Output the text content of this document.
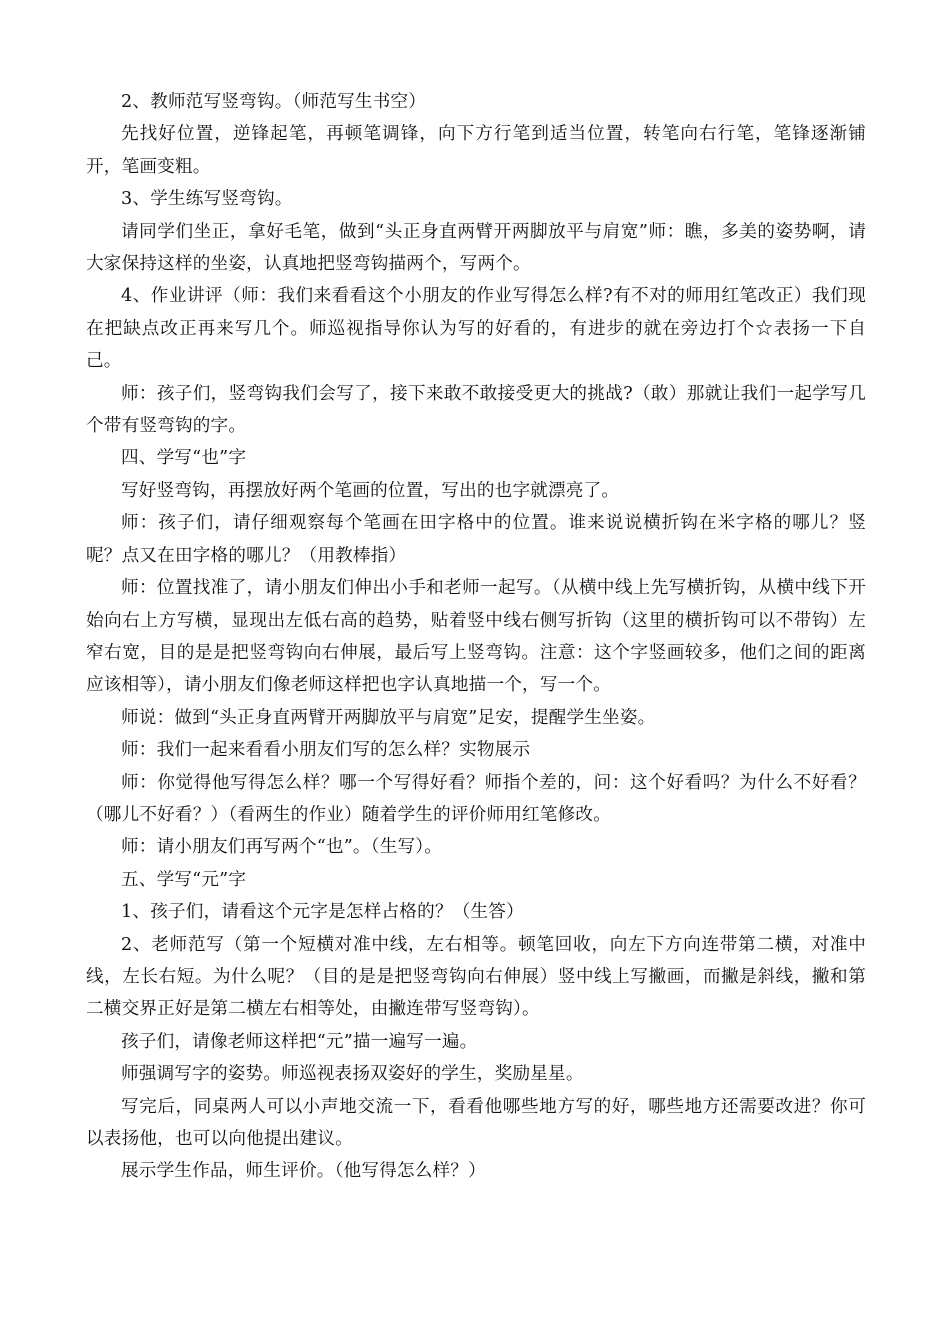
2、教师范写竖弯钩。（师范写生书空）

先找好位置，逆锋起笔，再顿笔调锋，向下方行笔到适当位置，转笔向右行笔，笔锋逐渐铺开，笔画变粗。

3、学生练写竖弯钩。

请同学们坐正，拿好毛笔，做到“头正身直两臂开两脚放平与肩宽”师：瞧，多美的姿势啊，请大家保持这样的坐姿，认真地把竖弯钩描两个，写两个。

4、作业讲评（师：我们来看看这个小朋友的作业写得怎么样?有不对的师用红笔改正）我们现在把缺点改正再来写几个。师巡视指导你认为写的好看的，有进步的就在旁边打个☆表扬一下自己。

师：孩子们，竖弯钩我们会写了，接下来敢不敢接受更大的挑战?（敢）那就让我们一起学写几个带有竖弯钩的字。

四、学写“也”字

写好竖弯钩，再摆放好两个笔画的位置，写出的也字就漂亮了。

师：孩子们，请仔细观察每个笔画在田字格中的位置。谁来说说横折钩在米字格的哪儿？竖呢？点又在田字格的哪儿？（用教棒指）

师：位置找准了，请小朋友们伸出小手和老师一起写。（从横中线上先写横折钩，从横中线下开始向右上方写横，显现出左低右高的趋势，贴着竖中线右侧写折钩（这里的横折钩可以不带钩）左窄右宽，目的是是把竖弯钩向右伸展，最后写上竖弯钩。注意：这个字竖画较多，他们之间的距离应该相等），请小朋友们像老师这样把也字认真地描一个，写一个。

师说：做到“头正身直两臂开两脚放平与肩宽”足安，提醒学生坐姿。

师：我们一起来看看小朋友们写的怎么样？实物展示

师：你觉得他写得怎么样？哪一个写得好看？师指个差的，问：这个好看吗？为什么不好看？（哪儿不好看？）（看两生的作业）随着学生的评价师用红笔修改。

师：请小朋友们再写两个“也”。（生写）。

五、学写“元”字

1、孩子们，请看这个元字是怎样占格的？（生答）

2、老师范写（第一个短横对准中线，左右相等。顿笔回收，向左下方向连带第二横，对准中线，左长右短。为什么呢？（目的是是把竖弯钩向右伸展）竖中线上写撇画，而撇是斜线，撇和第二横交界正好是第二横左右相等处，由撇连带写竖弯钩）。

孩子们，请像老师这样把“元”描一遍写一遍。

师强调写字的姿势。师巡视表扬双姿好的学生，奖励星星。

写完后，同桌两人可以小声地交流一下，看看他哪些地方写的好，哪些地方还需要改进？你可以表扬他，也可以向他提出建议。

展示学生作品，师生评价。（他写得怎么样？）
